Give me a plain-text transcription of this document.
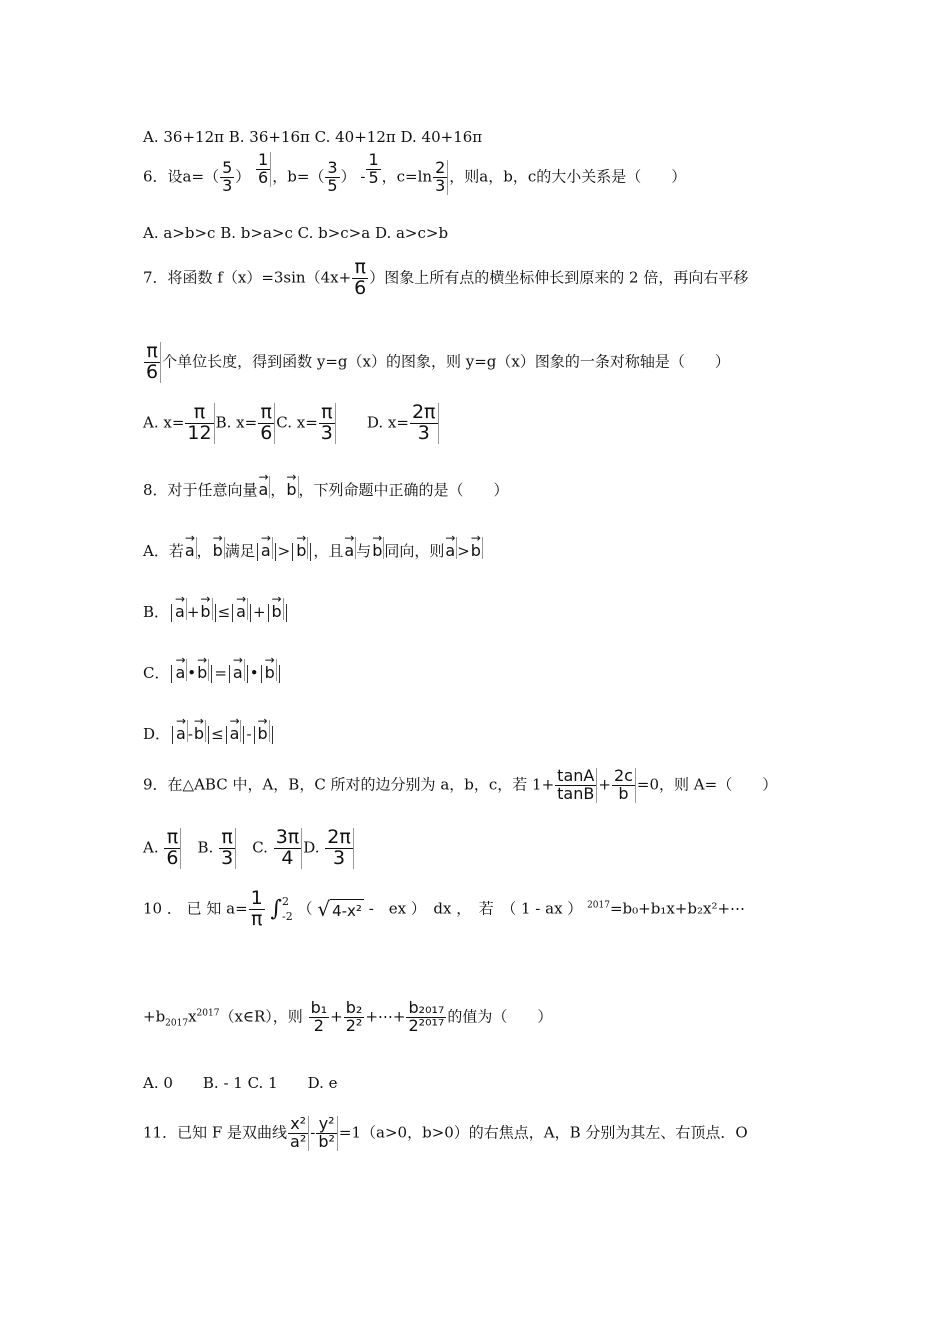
A. 36+12π B. 36+16π C. 40+12π D. 40+16π
6．设$a=( \frac{5}{3}$ ） $\frac{1}{6}$ ，$b=( \frac{3}{5}$ ） - $\frac{1}{5}$ ，$c=\ln \frac{2}{3}$ ，则a，b，c的大小关系是（　　）
A. a>b>c B. b>a>c C. b>c>a D. a>c>b
7．将函数 $f(x)=3\sin(4x+ \frac{\pi}{6}$ ）图象上所有点的横坐标伸长到原来的 2 倍，再向右平移
$\frac{\pi}{6}$ 个单位长度，得到函数 y=g（x）的图象，则 y=g（x）图象的一条对称轴是（　　）
A. $x= \frac{\pi}{12} B$. $x= \frac{\pi}{6} C$. $x= \frac{\pi}{3}$
　　 D. $x= \frac{2\pi}{3}$
8．对于任意向量→ a ，→ b ，下列命题中正确的是（　　）
A．若→ a ，→ b 满足 → a > → b ，且→ a 与→ b 同向，则→ a >→ b
B． → a +→ b ≤ → a + → b
C． → a •→ b = → a • → b
D． → a -→ b ≤ → a - → b
9．在△ABC 中，A，B，C 所对的边分别为 a，b，c，若 $1+ \frac{\tan A}{\tan B} + \frac{2c}{b} =0$，则 A=（　　）
A. $\frac{\pi}{6}$
　 B. $\frac{\pi}{3}$
　 C. $\frac{3\pi}{4} D$. $\frac{2\pi}{3}$
10 ． 已 知 $a= \frac{1}{\pi}$ ∫ 2
-2 （ √ 4-x² -　ex ）　dx ，　若　（ 1 - ax ） $^{2017}$=b₀+b₁x+b₂x²+⋯
$+b_{2017}x^{2017}(x\in R)$，则 $\frac{\text{b₁}}{2} + \frac{\text{b₂}}{\text{2²}}$ +⋯+ $\frac{\text{b₂₀₁₇}}{\text{2²⁰¹⁷}}$ 的值为（　　）
A. 0　　B. - 1 C. 1　　D. e
11．已知 F 是双曲线 $\frac{\text{x²}}{\text{a²}} - \frac{\text{y²}}{\text{b²}} =1(a>0$，b>0）的右焦点，A，B 分别为其左、右顶点．O
